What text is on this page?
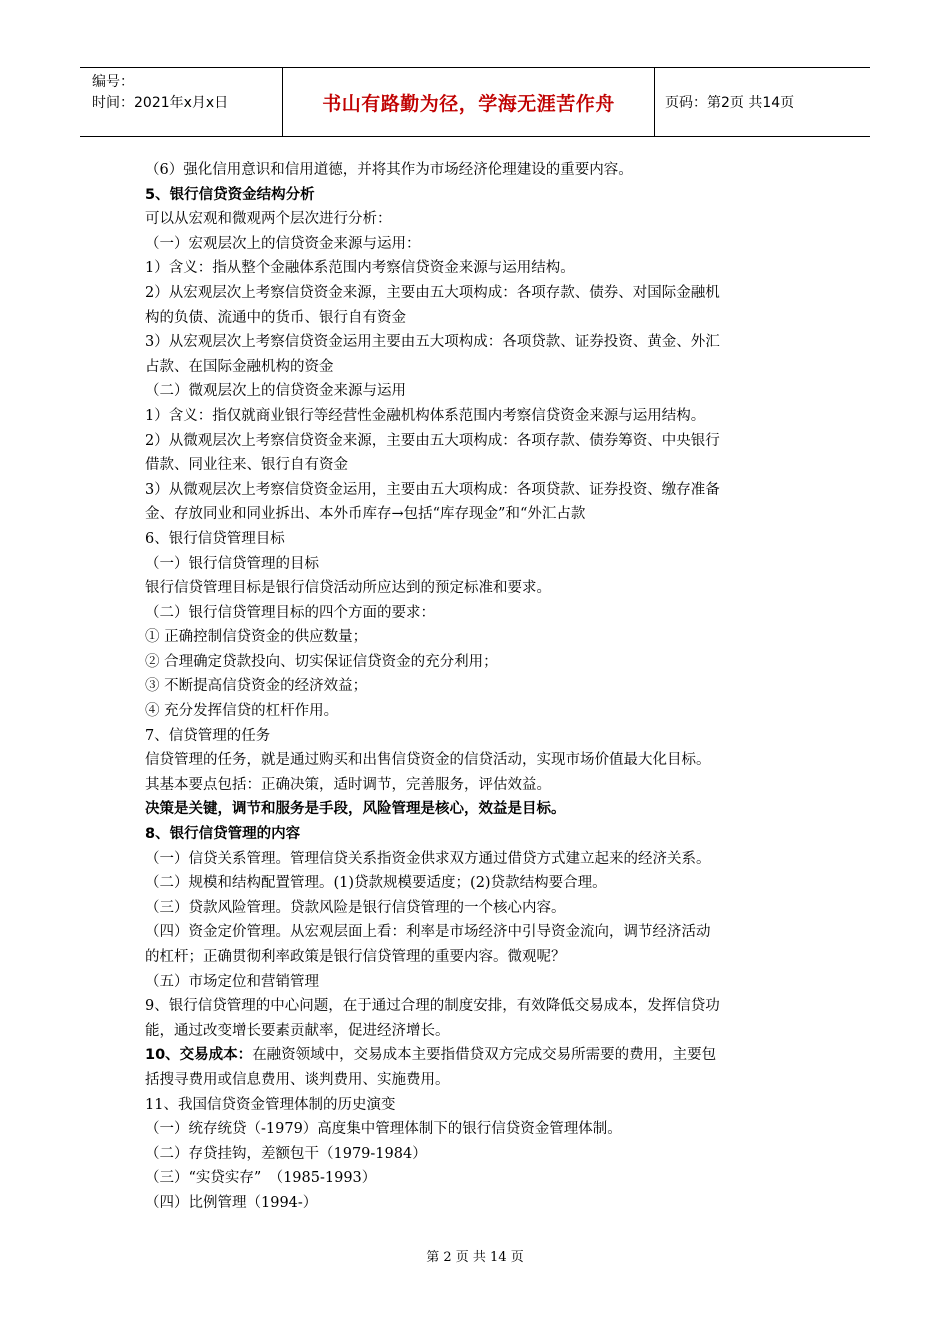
编号：
时间：2021年x月x日	书山有路勤为径，学海无涯苦作舟	页码：第2页 共14页
（6）强化信用意识和信用道德，并将其作为市场经济伦理建设的重要内容。
5、银行信贷资金结构分析
可以从宏观和微观两个层次进行分析：
（一）宏观层次上的信贷资金来源与运用：
1）含义：指从整个金融体系范围内考察信贷资金来源与运用结构。
2）从宏观层次上考察信贷资金来源，主要由五大项构成：各项存款、债券、对国际金融机
构的负债、流通中的货币、银行自有资金
3）从宏观层次上考察信贷资金运用主要由五大项构成：各项贷款、证券投资、黄金、外汇
占款、在国际金融机构的资金
（二）微观层次上的信贷资金来源与运用
1）含义：指仅就商业银行等经营性金融机构体系范围内考察信贷资金来源与运用结构。
2）从微观层次上考察信贷资金来源，主要由五大项构成：各项存款、债券筹资、中央银行
借款、同业往来、银行自有资金
3）从微观层次上考察信贷资金运用，主要由五大项构成：各项贷款、证券投资、缴存准备
金、存放同业和同业拆出、本外币库存→包括“库存现金”和“外汇占款
6、银行信贷管理目标
（一）银行信贷管理的目标
银行信贷管理目标是银行信贷活动所应达到的预定标准和要求。
（二）银行信贷管理目标的四个方面的要求：
① 正确控制信贷资金的供应数量；
② 合理确定贷款投向、切实保证信贷资金的充分利用；
③ 不断提高信贷资金的经济效益；
④ 充分发挥信贷的杠杆作用。
7、信贷管理的任务
信贷管理的任务，就是通过购买和出售信贷资金的信贷活动，实现市场价值最大化目标。
其基本要点包括：正确决策，适时调节，完善服务，评估效益。
决策是关键，调节和服务是手段，风险管理是核心，效益是目标。
8、银行信贷管理的内容
（一）信贷关系管理。管理信贷关系指资金供求双方通过借贷方式建立起来的经济关系。
（二）规模和结构配置管理。(1)贷款规模要适度；(2)贷款结构要合理。
（三）贷款风险管理。贷款风险是银行信贷管理的一个核心内容。
（四）资金定价管理。从宏观层面上看：利率是市场经济中引导资金流向，调节经济活动
的杠杆；正确贯彻利率政策是银行信贷管理的重要内容。微观呢？
（五）市场定位和营销管理
9、银行信贷管理的中心问题，在于通过合理的制度安排，有效降低交易成本，发挥信贷功
能，通过改变增长要素贡献率，促进经济增长。
10、交易成本：在融资领域中，交易成本主要指借贷双方完成交易所需要的费用，主要包
括搜寻费用或信息费用、谈判费用、实施费用。
11、我国信贷资金管理体制的历史演变
（一）统存统贷（-1979）高度集中管理体制下的银行信贷资金管理体制。
（二）存贷挂钩，差额包干（1979-1984）
（三）“实贷实存”　（1985-1993）
（四）比例管理（1994-）
第 2 页 共 14 页
